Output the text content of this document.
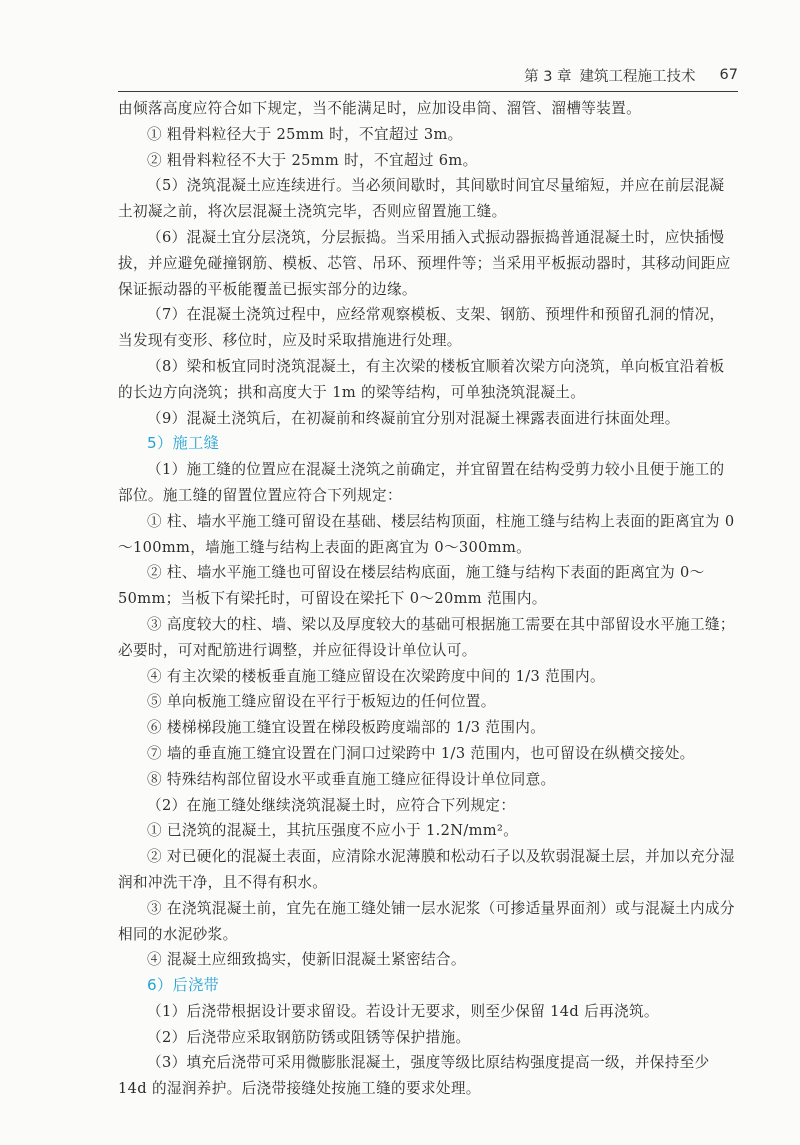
第 3 章 建筑工程施工技术 67

由倾落高度应符合如下规定，当不能满足时，应加设串筒、溜管、溜槽等装置。

① 粗骨料粒径大于 25mm 时，不宜超过 3m。

② 粗骨料粒径不大于 25mm 时，不宜超过 6m。

（5）浇筑混凝土应连续进行。当必须间歇时，其间歇时间宜尽量缩短，并应在前层混凝土初凝之前，将次层混凝土浇筑完毕，否则应留置施工缝。

（6）混凝土宜分层浇筑，分层振捣。当采用插入式振动器振捣普通混凝土时，应快插慢拔，并应避免碰撞钢筋、模板、芯管、吊环、预埋件等；当采用平板振动器时，其移动间距应保证振动器的平板能覆盖已振实部分的边缘。

（7）在混凝土浇筑过程中，应经常观察模板、支架、钢筋、预埋件和预留孔洞的情况，当发现有变形、移位时，应及时采取措施进行处理。

（8）梁和板宜同时浇筑混凝土，有主次梁的楼板宜顺着次梁方向浇筑，单向板宜沿着板的长边方向浇筑；拱和高度大于 1m 的梁等结构，可单独浇筑混凝土。

（9）混凝土浇筑后，在初凝前和终凝前宜分别对混凝土裸露表面进行抹面处理。

5）施工缝

（1）施工缝的位置应在混凝土浇筑之前确定，并宜留置在结构受剪力较小且便于施工的部位。施工缝的留置位置应符合下列规定：

① 柱、墙水平施工缝可留设在基础、楼层结构顶面，柱施工缝与结构上表面的距离宜为 0～100mm，墙施工缝与结构上表面的距离宜为 0～300mm。

② 柱、墙水平施工缝也可留设在楼层结构底面，施工缝与结构下表面的距离宜为 0～50mm；当板下有梁托时，可留设在梁托下 0～20mm 范围内。

③ 高度较大的柱、墙、梁以及厚度较大的基础可根据施工需要在其中部留设水平施工缝；必要时，可对配筋进行调整，并应征得设计单位认可。

④ 有主次梁的楼板垂直施工缝应留设在次梁跨度中间的 1/3 范围内。

⑤ 单向板施工缝应留设在平行于板短边的任何位置。

⑥ 楼梯梯段施工缝宜设置在梯段板跨度端部的 1/3 范围内。

⑦ 墙的垂直施工缝宜设置在门洞口过梁跨中 1/3 范围内，也可留设在纵横交接处。

⑧ 特殊结构部位留设水平或垂直施工缝应征得设计单位同意。

（2）在施工缝处继续浇筑混凝土时，应符合下列规定：

① 已浇筑的混凝土，其抗压强度不应小于 1.2N/mm²。

② 对已硬化的混凝土表面，应清除水泥薄膜和松动石子以及软弱混凝土层，并加以充分湿润和冲洗干净，且不得有积水。

③ 在浇筑混凝土前，宜先在施工缝处铺一层水泥浆（可掺适量界面剂）或与混凝土内成分相同的水泥砂浆。

④ 混凝土应细致捣实，使新旧混凝土紧密结合。

6）后浇带

（1）后浇带根据设计要求留设。若设计无要求，则至少保留 14d 后再浇筑。

（2）后浇带应采取钢筋防锈或阻锈等保护措施。

（3）填充后浇带可采用微膨胀混凝土，强度等级比原结构强度提高一级，并保持至少 14d 的湿润养护。后浇带接缝处按施工缝的要求处理。
